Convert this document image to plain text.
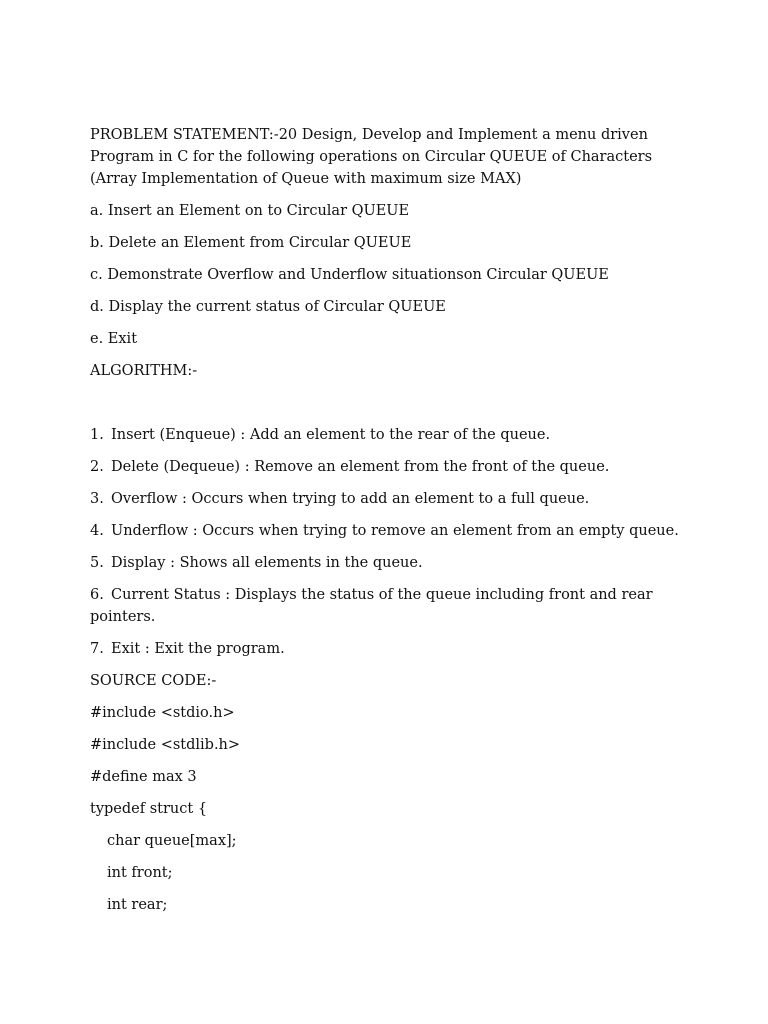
PROBLEM STATEMENT:-20 Design, Develop and Implement a menu driven Program in C for the following operations on Circular QUEUE of Characters (Array Implementation of Queue with maximum size MAX)

a. Insert an Element on to Circular QUEUE

b. Delete an Element from Circular QUEUE

c. Demonstrate Overflow and Underflow situationson Circular QUEUE

d. Display the current status of Circular QUEUE

e. Exit

ALGORITHM:-

1. Insert (Enqueue) : Add an element to the rear of the queue.

2. Delete (Dequeue) : Remove an element from the front of the queue.

3. Overflow : Occurs when trying to add an element to a full queue.

4. Underflow : Occurs when trying to remove an element from an empty queue.

5. Display : Shows all elements in the queue.

6. Current Status : Displays the status of the queue including front and rear pointers.

7. Exit : Exit the program.

SOURCE CODE:-

#include <stdio.h>

#include <stdlib.h>

#define max 3

typedef struct {

char queue[max];

int front;

int rear;
